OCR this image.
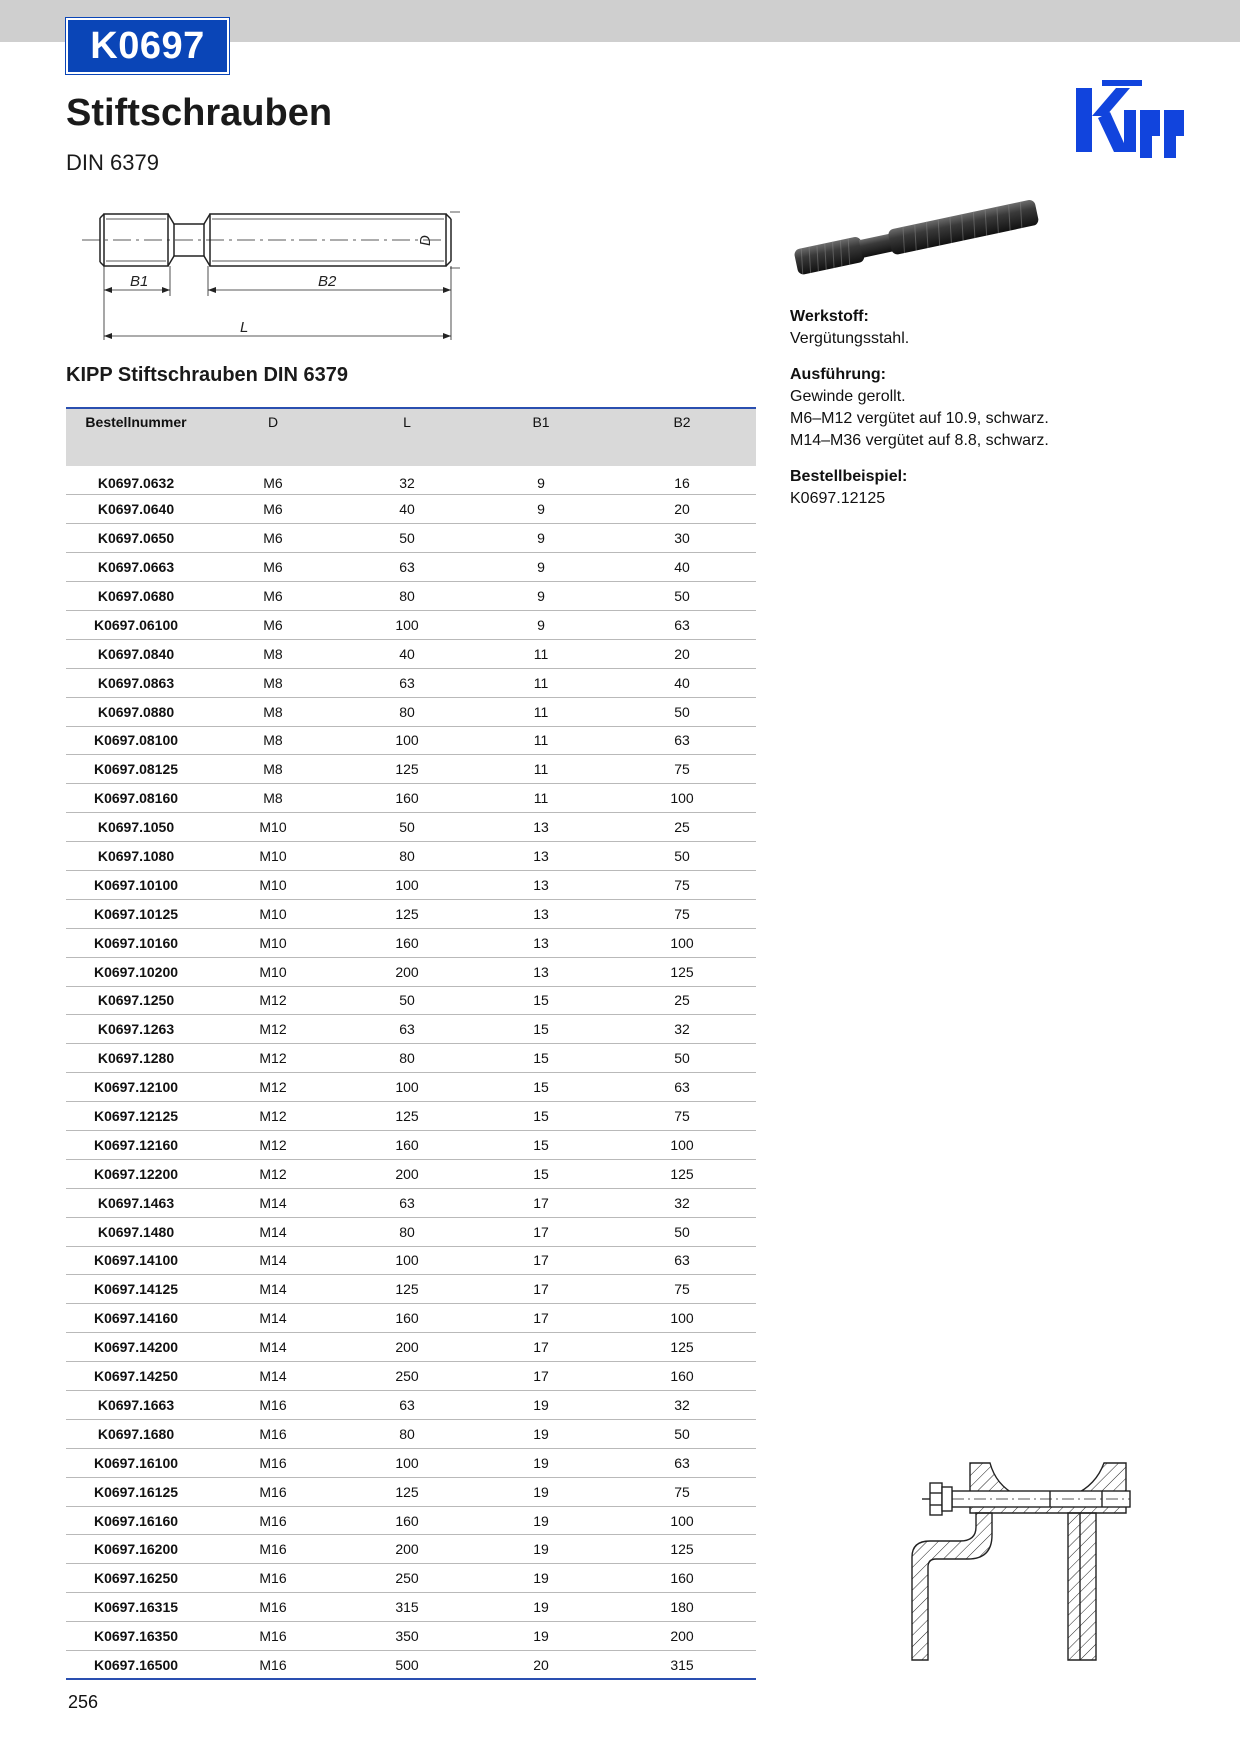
K0697
Stiftschrauben
DIN 6379
D
B1	B2
L
KIPP Stiftschrauben DIN 6379
Bestellnummer	D	L	B1	B2
K0697.0632	M6	32	9	16
K0697.0640	M6	40	9	20
K0697.0650	M6	50	9	30
K0697.0663	M6	63	9	40
K0697.0680	M6	80	9	50
K0697.06100	M6	100	9	63
K0697.0840	M8	40	11	20
K0697.0863	M8	63	11	40
K0697.0880	M8	80	11	50
K0697.08100	M8	100	11	63
K0697.08125	M8	125	11	75
K0697.08160	M8	160	11	100
K0697.1050	M10	50	13	25
K0697.1080	M10	80	13	50
K0697.10100	M10	100	13	75
K0697.10125	M10	125	13	75
K0697.10160	M10	160	13	100
K0697.10200	M10	200	13	125
K0697.1250	M12	50	15	25
K0697.1263	M12	63	15	32
K0697.1280	M12	80	15	50
K0697.12100	M12	100	15	63
K0697.12125	M12	125	15	75
K0697.12160	M12	160	15	100
K0697.12200	M12	200	15	125
K0697.1463	M14	63	17	32
K0697.1480	M14	80	17	50
K0697.14100	M14	100	17	63
K0697.14125	M14	125	17	75
K0697.14160	M14	160	17	100
K0697.14200	M14	200	17	125
K0697.14250	M14	250	17	160
K0697.1663	M16	63	19	32
K0697.1680	M16	80	19	50
K0697.16100	M16	100	19	63
K0697.16125	M16	125	19	75
K0697.16160	M16	160	19	100
K0697.16200	M16	200	19	125
K0697.16250	M16	250	19	160
K0697.16315	M16	315	19	180
K0697.16350	M16	350	19	200
K0697.16500	M16	500	20	315
Werkstoff:
Vergütungsstahl.
Ausführung:
Gewinde gerollt.
M6–M12 vergütet auf 10.9, schwarz.
M14–M36 vergütet auf 8.8, schwarz.
Bestellbeispiel:
K0697.12125
256
